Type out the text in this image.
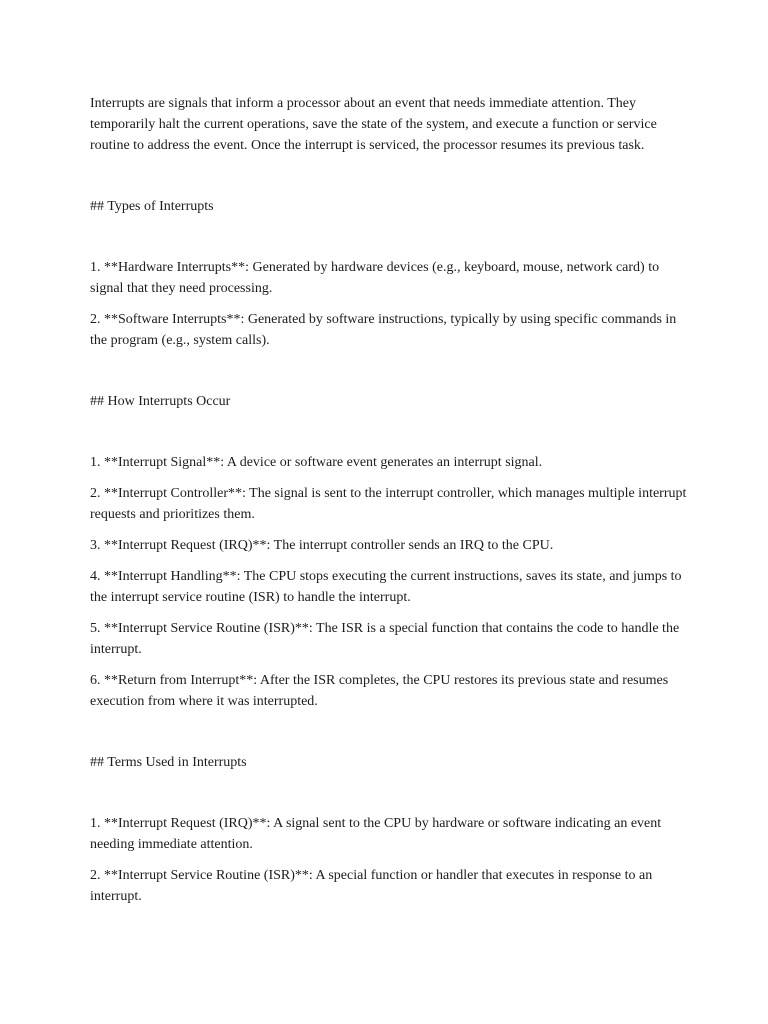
Interrupts are signals that inform a processor about an event that needs immediate attention. They temporarily halt the current operations, save the state of the system, and execute a function or service routine to address the event. Once the interrupt is serviced, the processor resumes its previous task.

## Types of Interrupts

1. **Hardware Interrupts**: Generated by hardware devices (e.g., keyboard, mouse, network card) to signal that they need processing.

2. **Software Interrupts**: Generated by software instructions, typically by using specific commands in the program (e.g., system calls).

## How Interrupts Occur

1. **Interrupt Signal**: A device or software event generates an interrupt signal.

2. **Interrupt Controller**: The signal is sent to the interrupt controller, which manages multiple interrupt requests and prioritizes them.

3. **Interrupt Request (IRQ)**: The interrupt controller sends an IRQ to the CPU.

4. **Interrupt Handling**: The CPU stops executing the current instructions, saves its state, and jumps to the interrupt service routine (ISR) to handle the interrupt.

5. **Interrupt Service Routine (ISR)**: The ISR is a special function that contains the code to handle the interrupt.

6. **Return from Interrupt**: After the ISR completes, the CPU restores its previous state and resumes execution from where it was interrupted.

## Terms Used in Interrupts

1. **Interrupt Request (IRQ)**: A signal sent to the CPU by hardware or software indicating an event needing immediate attention.

2. **Interrupt Service Routine (ISR)**: A special function or handler that executes in response to an interrupt.
